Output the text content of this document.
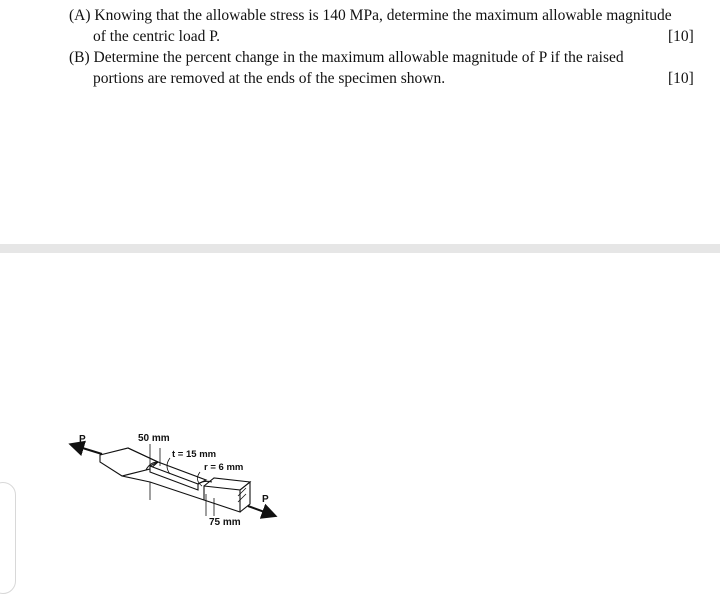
(A) Knowing that the allowable stress is 140 MPa, determine the maximum allowable magnitude
of the centric load P.	[10]
(B) Determine the percent change in the maximum allowable magnitude of P if the raised
portions are removed at the ends of the specimen shown.	[10]
P
P
50 mm
t = 15 mm
r = 6 mm
75 mm
